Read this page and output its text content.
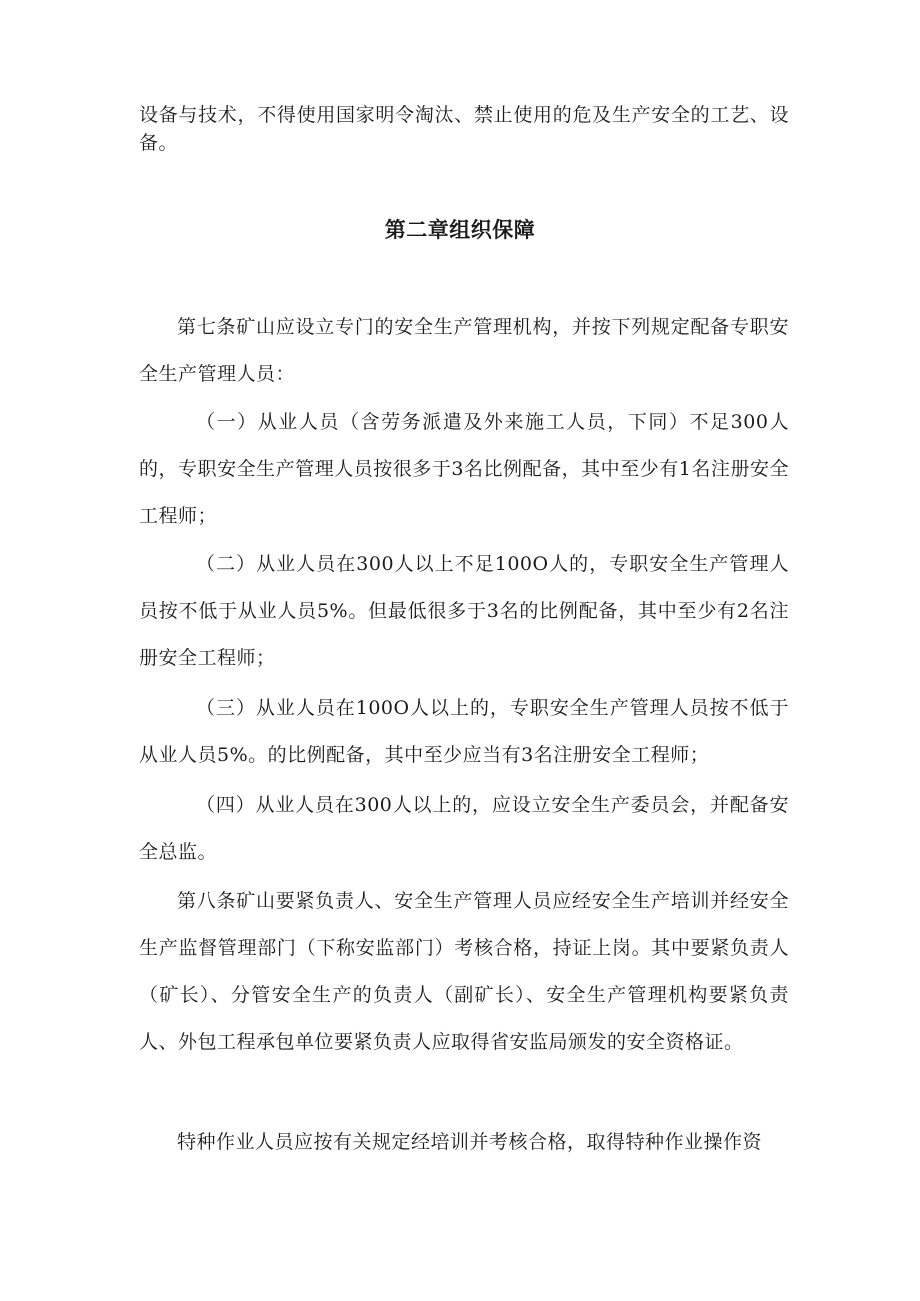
设备与技术，不得使用国家明令淘汰、禁止使用的危及生产安全的工艺、设备。

第二章组织保障

第七条矿山应设立专门的安全生产管理机构，并按下列规定配备专职安全生产管理人员：

（一）从业人员（含劳务派遣及外来施工人员，下同）不足300人的，专职安全生产管理人员按很多于3名比例配备，其中至少有1名注册安全工程师；

（二）从业人员在300人以上不足100O人的，专职安全生产管理人员按不低于从业人员5%。但最低很多于3名的比例配备，其中至少有2名注册安全工程师；

（三）从业人员在100O人以上的，专职安全生产管理人员按不低于从业人员5%。的比例配备，其中至少应当有3名注册安全工程师；

（四）从业人员在300人以上的，应设立安全生产委员会，并配备安全总监。

第八条矿山要紧负责人、安全生产管理人员应经安全生产培训并经安全生产监督管理部门（下称安监部门）考核合格，持证上岗。其中要紧负责人（矿长）、分管安全生产的负责人（副矿长）、安全生产管理机构要紧负责人、外包工程承包单位要紧负责人应取得省安监局颁发的安全资格证。

特种作业人员应按有关规定经培训并考核合格，取得特种作业操作资
